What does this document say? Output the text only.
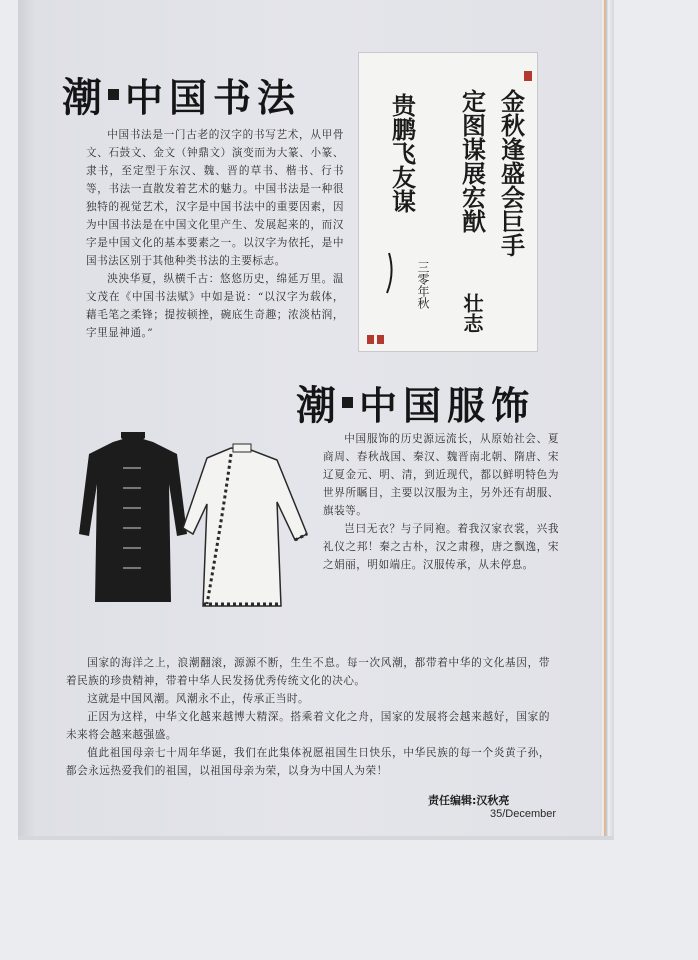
潮 中国书法

中国书法是一门古老的汉字的书写艺术，从甲骨文、石鼓文、金文（钟鼎文）演变而为大篆、小篆、隶书，至定型于东汉、魏、晋的草书、楷书、行书等，书法一直散发着艺术的魅力。中国书法是一种很独特的视觉艺术，汉字是中国书法中的重要因素，因为中国书法是在中国文化里产生、发展起来的，而汉字是中国文化的基本要素之一。以汉字为依托，是中国书法区别于其他种类书法的主要标志。

泱泱华夏，纵横千古：悠悠历史，绵延万里。温文茂在《中国书法赋》中如是说：“以汉字为载体，藉毛笔之柔锋；提按顿挫，碗底生奇趣；浓淡枯润，字里显神通。”

金秋逢盛会巨手
定图谋展宏猷
壮志
贵鹏飞友谋
三零年秋
潮 中国服饰

中国服饰的历史源远流长，从原始社会、夏商周、春秋战国、秦汉、魏晋南北朝、隋唐、宋辽夏金元、明、清，到近现代，都以鲜明特色为世界所瞩目，主要以汉服为主，另外还有胡服、旗装等。

岂曰无衣？与子同袍。着我汉家衣裳，兴我礼仪之邦！秦之古朴，汉之肃穆，唐之飘逸，宋之娟丽，明如端庄。汉服传承，从未停息。

国家的海洋之上，浪潮翻滚，源源不断，生生不息。每一次风潮，都带着中华的文化基因，带着民族的珍贵精神，带着中华人民发扬优秀传统文化的决心。

这就是中国风潮。风潮永不止，传承正当时。

正因为这样，中华文化越来越博大精深。搭乘着文化之舟，国家的发展将会越来越好，国家的未来将会越来越强盛。

值此祖国母亲七十周年华诞，我们在此集体祝愿祖国生日快乐，中华民族的每一个炎黄子孙，都会永远热爱我们的祖国，以祖国母亲为荣，以身为中国人为荣！

责任编辑:汉秋亮
35/December
